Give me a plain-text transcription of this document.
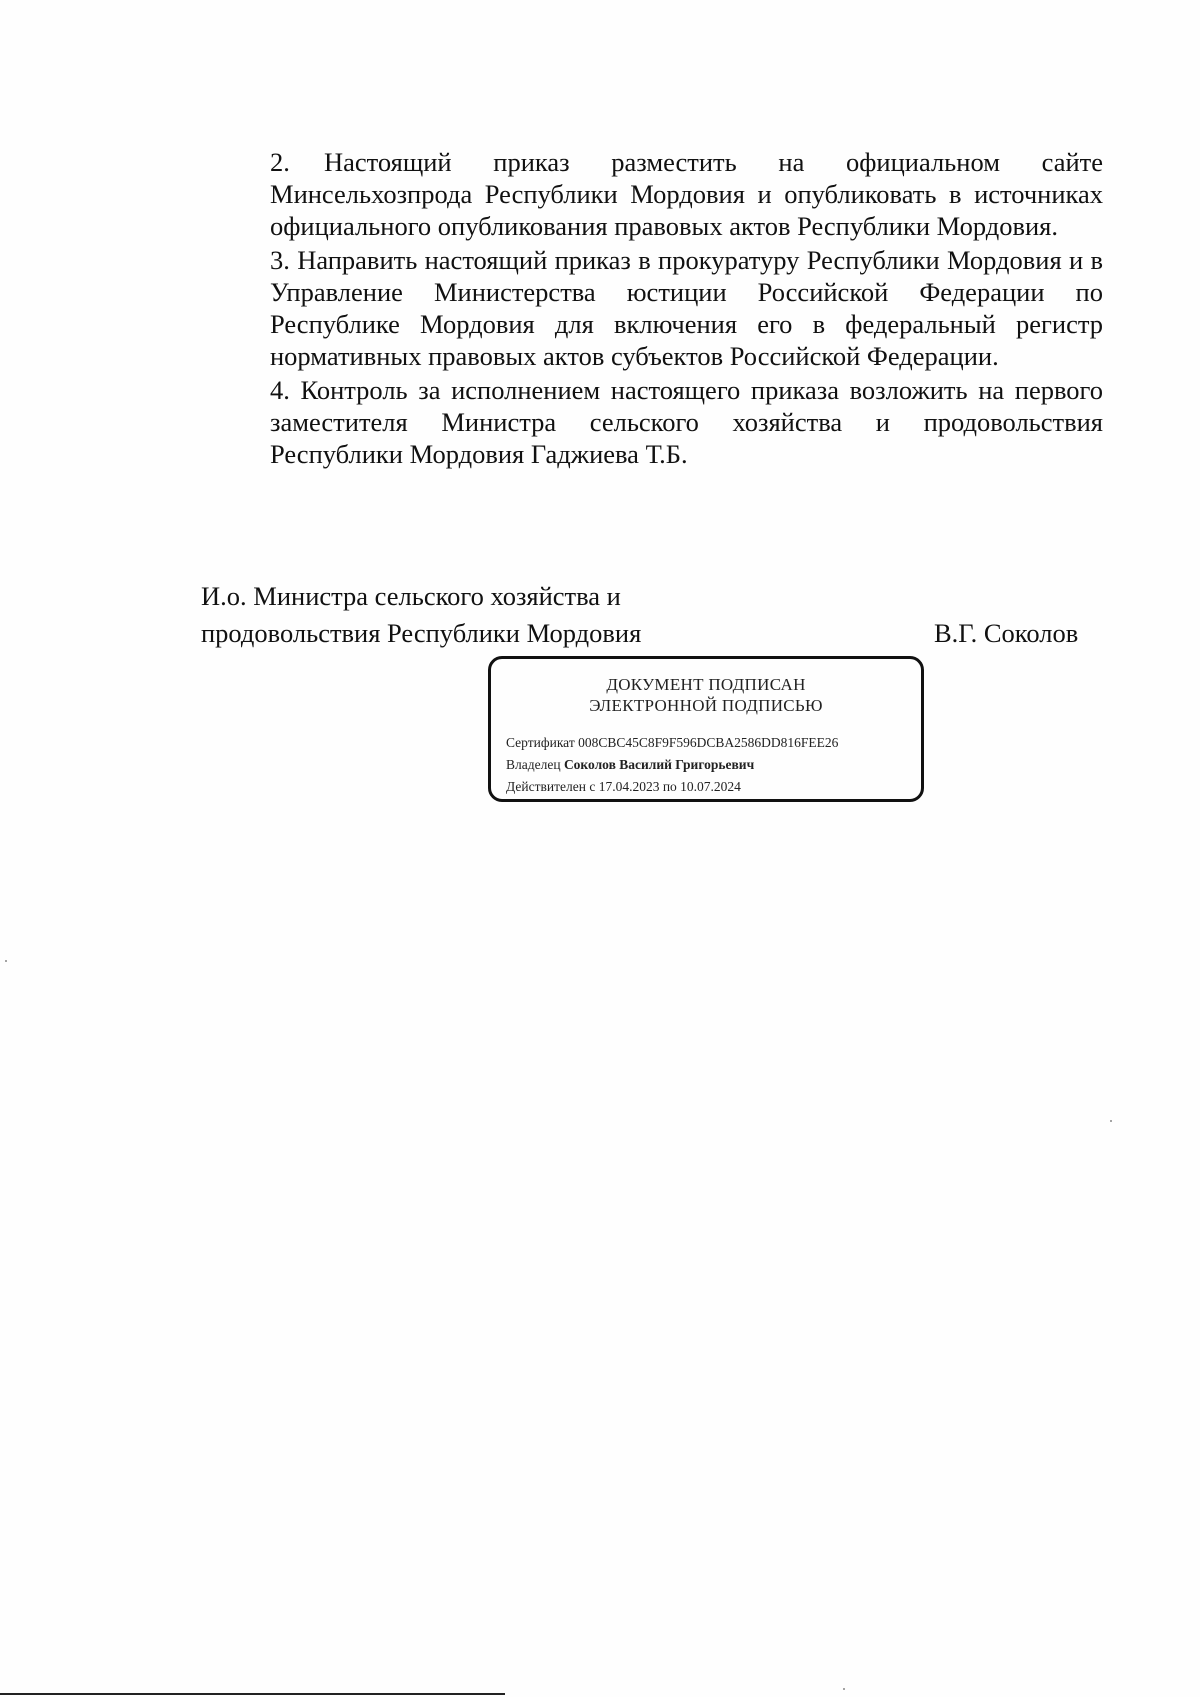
2. Настоящий приказ разместить на официальном сайте Минсельхозпрода Республики Мордовия и опубликовать в источниках официального опубликования правовых актов Республики Мордовия.

3. Направить настоящий приказ в прокуратуру Республики Мордовия и в Управление Министерства юстиции Российской Федерации по Республике Мордовия для включения его в федеральный регистр нормативных правовых актов субъектов Российской Федерации.

4. Контроль за исполнением настоящего приказа возложить на первого заместителя Министра сельского хозяйства и продовольствия Республики Мордовия Гаджиева Т.Б.

И.о. Министра сельского хозяйства и
продовольствия Республики Мордовия	В.Г. Соколов
ДОКУМЕНТ ПОДПИСАН
ЭЛЕКТРОННОЙ ПОДПИСЬЮ
Сертификат 008CBC45C8F9F596DCBA2586DD816FEE26
Владелец Соколов Василий Григорьевич
Действителен с 17.04.2023 по 10.07.2024
